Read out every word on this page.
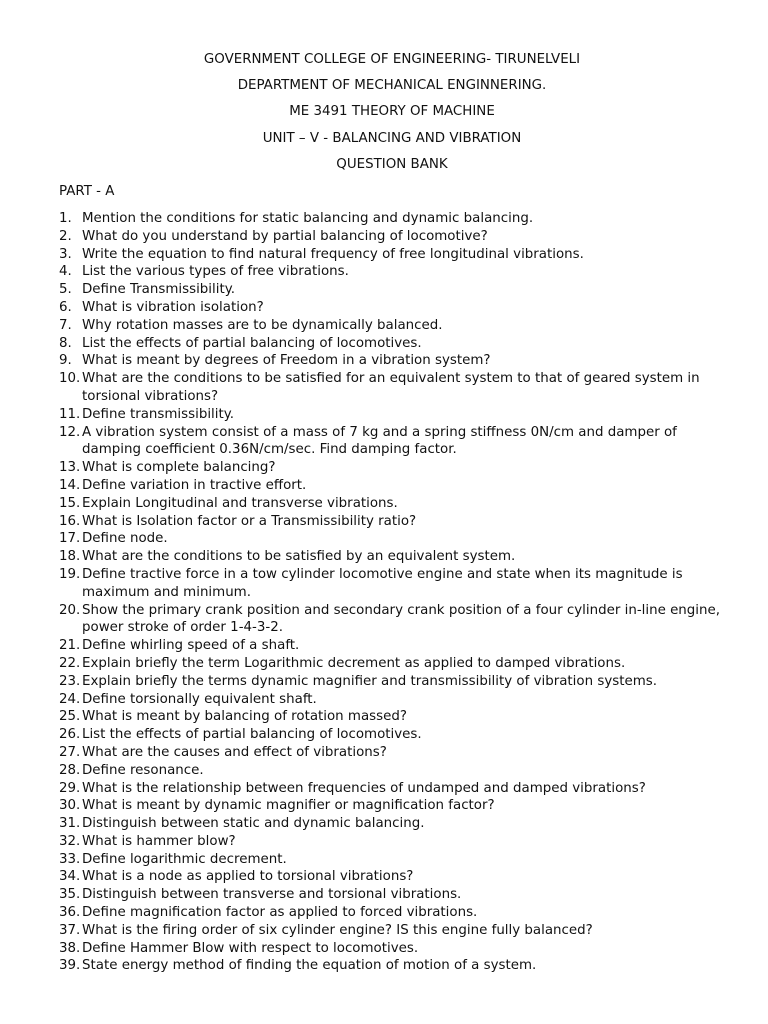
GOVERNMENT COLLEGE OF ENGINEERING- TIRUNELVELI
DEPARTMENT OF MECHANICAL ENGINNERING.
ME 3491 THEORY OF MACHINE
UNIT – V - BALANCING AND VIBRATION
QUESTION BANK
PART - A
1. Mention the conditions for static balancing and dynamic balancing.
2. What do you understand by partial balancing of locomotive?
3. Write the equation to find natural frequency of free longitudinal vibrations.
4. List the various types of free vibrations.
5. Define Transmissibility.
6. What is vibration isolation?
7. Why rotation masses are to be dynamically balanced.
8. List the effects of partial balancing of locomotives.
9. What is meant by degrees of Freedom in a vibration system?
10. What are the conditions to be satisfied for an equivalent system to that of geared system in torsional vibrations?
11. Define transmissibility.
12. A vibration system consist of a mass of 7 kg and a spring stiffness 0N/cm and damper of damping coefficient 0.36N/cm/sec. Find damping factor.
13. What is complete balancing?
14. Define variation in tractive effort.
15. Explain Longitudinal and transverse vibrations.
16. What is Isolation factor or a Transmissibility ratio?
17. Define node.
18. What are the conditions to be satisfied by an equivalent system.
19. Define tractive force in a tow cylinder locomotive engine and state when its magnitude is maximum and minimum.
20. Show the primary crank position and secondary crank position of a four cylinder in-line engine, power stroke of order 1-4-3-2.
21. Define whirling speed of a shaft.
22. Explain briefly the term Logarithmic decrement as applied to damped vibrations.
23. Explain briefly the terms dynamic magnifier and transmissibility of vibration systems.
24. Define torsionally equivalent shaft.
25. What is meant by balancing of rotation massed?
26. List the effects of partial balancing of locomotives.
27. What are the causes and effect of vibrations?
28. Define resonance.
29. What is the relationship between frequencies of undamped and damped vibrations?
30. What is meant by dynamic magnifier or magnification factor?
31. Distinguish between static and dynamic balancing.
32. What is hammer blow?
33. Define logarithmic decrement.
34. What is a node as applied to torsional vibrations?
35. Distinguish between transverse and torsional vibrations.
36. Define magnification factor as applied to forced vibrations.
37. What is the firing order of six cylinder engine? IS this engine fully balanced?
38. Define Hammer Blow with respect to locomotives.
39. State energy method of finding the equation of motion of a system.
